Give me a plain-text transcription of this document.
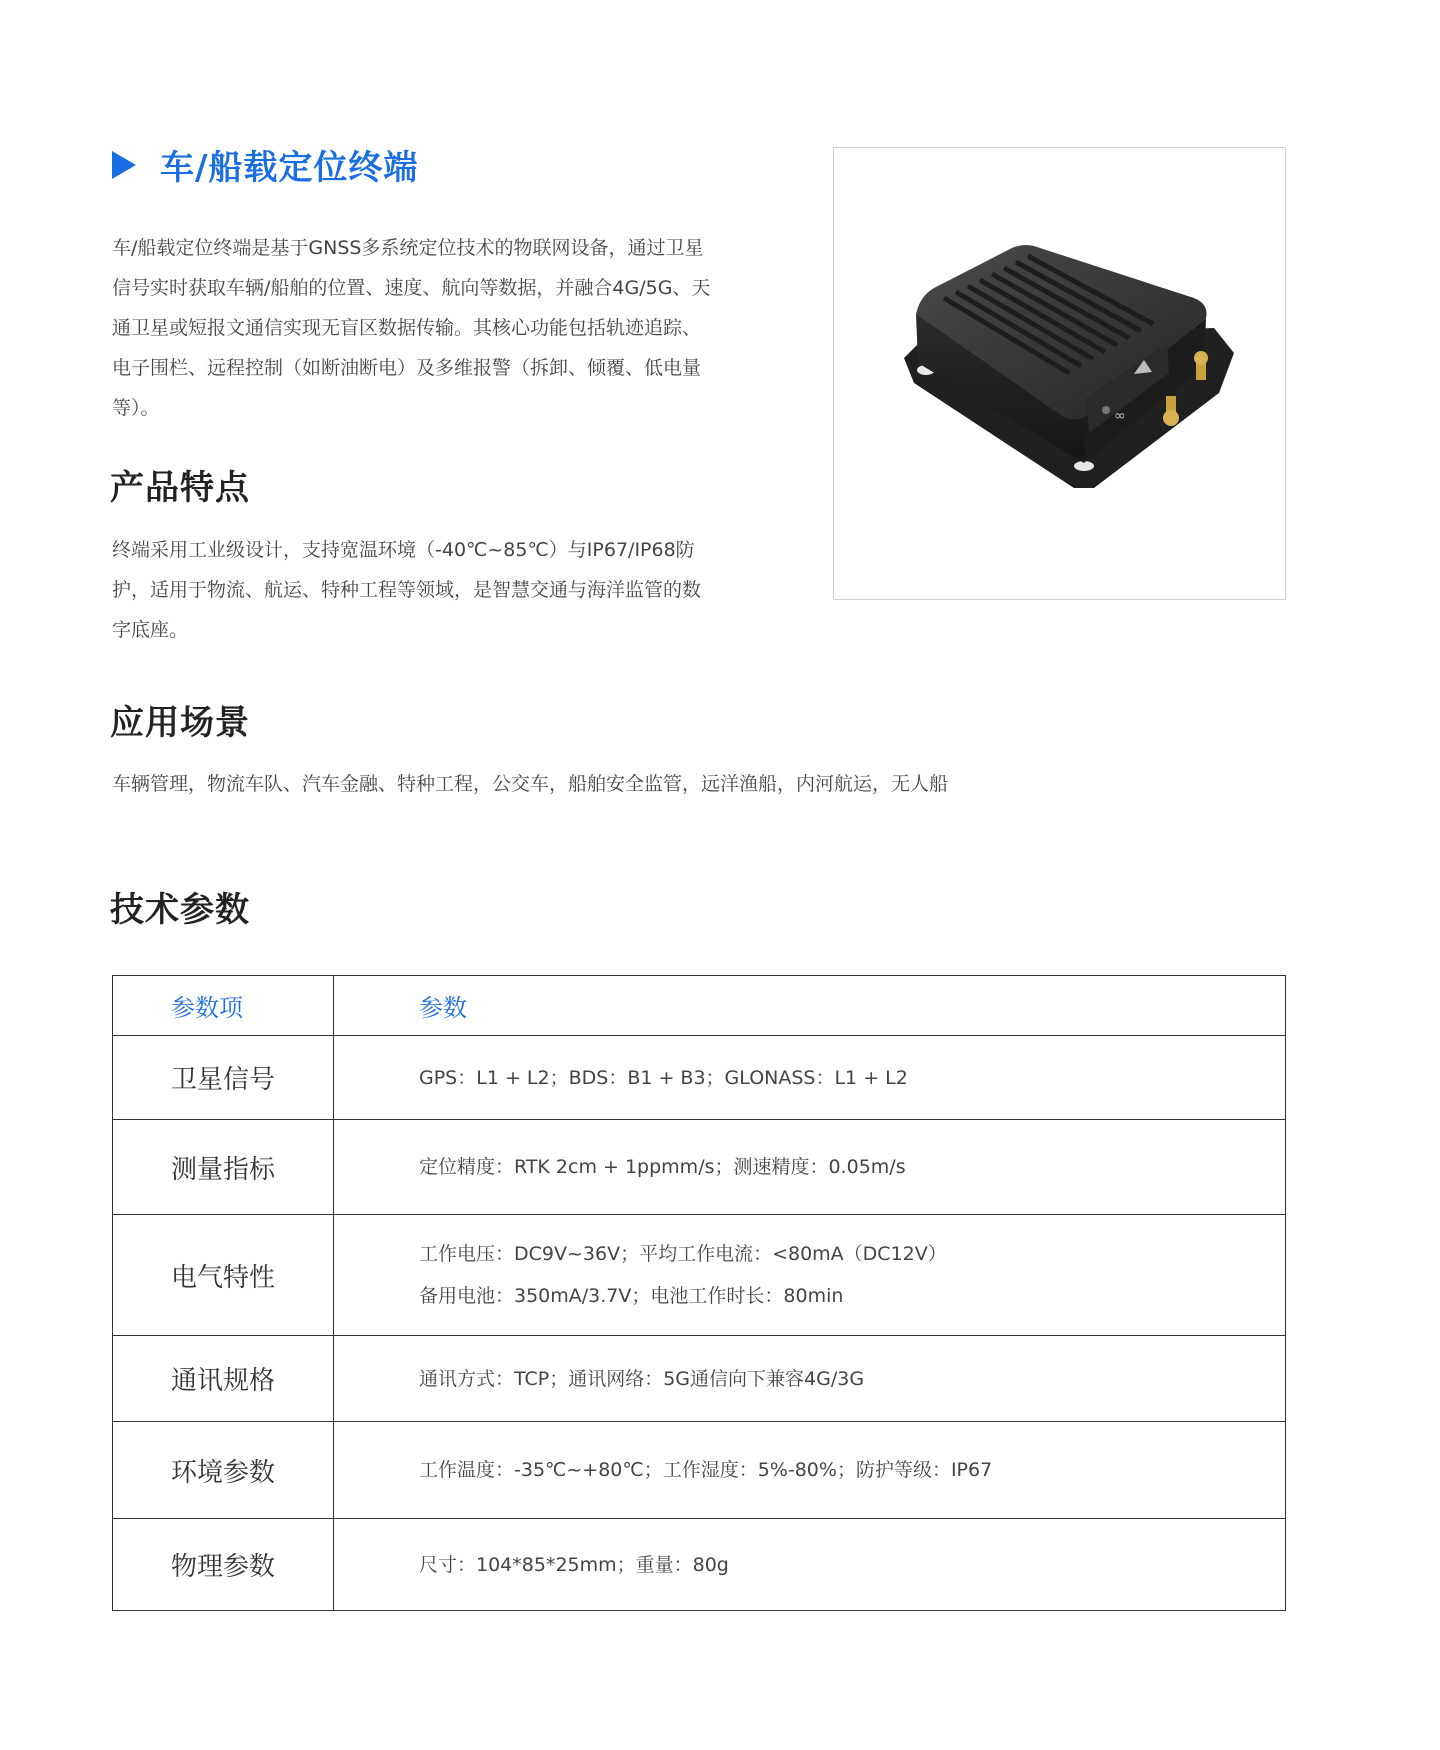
车/船载定位终端

车/船载定位终端是基于GNSS多系统定位技术的物联网设备，通过卫星信号实时获取车辆/船舶的位置、速度、航向等数据，并融合4G/5G、天通卫星或短报文通信实现无盲区数据传输。其核心功能包括轨迹追踪、电子围栏、远程控制（如断油断电）及多维报警（拆卸、倾覆、低电量等）。

产品特点

终端采用工业级设计，支持宽温环境（-40℃~85℃）与IP67/IP68防护，适用于物流、航运、特种工程等领域，是智慧交通与海洋监管的数字底座。

应用场景

车辆管理，物流车队、汽车金融、特种工程，公交车，船舶安全监管，远洋渔船，内河航运，无人船

技术参数
∞
参数项	参数
卫星信号	GPS：L1 + L2；BDS：B1 + B3；GLONASS：L1 + L2

测量指标	定位精度：RTK 2cm + 1ppmm/s；测速精度：0.05m/s

电气特性	工作电压：DC9V~36V；平均工作电流：<80mA（DC12V）
备用电池：350mA/3.7V；电池工作时长：80min

通讯规格	通讯方式：TCP；通讯网络：5G通信向下兼容4G/3G

环境参数	工作温度：-35℃~+80℃；工作湿度：5%-80%；防护等级：IP67

物理参数	尺寸：104*85*25mm；重量：80g
